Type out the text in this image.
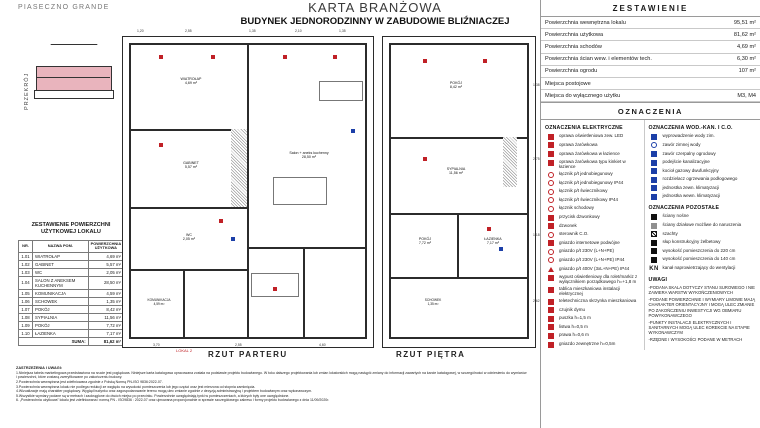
PIASECZNO GRANDE	KARTA BRANŻOWA
BUDYNEK JEDNORODZINNY W ZABUDOWIE BLIŹNIACZEJ
PRZEKRÓJ
ZESTAWIENIE POWIERZCHNI UŻYTKOWEJ LOKALU
NR.	NAZWA POM.	POWIERZCHNIA UŻYTKOWA
1.01	WIATROŁAP	4,69 m²
1.02	GABINET	5,57 m²
1.03	WC	2,05 m²
1.04	SALON Z ANEKSEM KUCHENNYM	28,50 m²
1.05	KOMUNIKACJA	4,59 m²
1.06	SCHOWEK	1,35 m²
1.07	POKÓJ	8,42 m²
1.08	SYPIALNIA	11,56 m²
1.09	POKÓJ	7,72 m²
1.10	ŁAZIENKA	7,17 m²
SUMA:		81,62 m²
WIATROŁAP
4,69 m²
GABINET
5,57 m²
WC
2,05 m²
Salon + aneks kuchenny
28,50 m²
KOMUNIKACJA
4,59 m²
1,20	2,55	1,35	2,10	1,35
3,70	2,55	4,60
LOKAL 2
POKÓJ
8,42 m²
SYPIALNIA
11,56 m²
POKÓJ
7,72 m²
ŁAZIENKA
7,17 m²
SCHOWEK
1,35 m²
1,38
2,75
1,18
2,62
RZUT PARTERU	RZUT PIĘTRA
ZASTRZEŻENIA I UWAGI:
1.Niniejsza tabela marketingowa przedstawiona na rzucie jest poglądowa. Niniejsze karta katalogowa opracowana została na podstawie projektu budowlanego. W toku dalszego projektowania lub zmian lokatorskich mogą nastąpić zmiany do informacji zawartych na karcie katalogowej, w szczególności w odniesieniu do wymiarów i powierzchni, które zostaną zweryfikowane po zakończeniu budowy.
2.Powierzchnia wewnętrzna jest zdefiniowana zgodnie z Polską Normą PN-ISO 9836:2022-07.
3.Powierzchnia wewnętrzna lokalu nie podlega redukcji ze względu na wysokość pomieszczenia lub jego części oraz jest mierzona od stopnia zamknięcia.
4.Wizualizacje mają charakter poglądowy. Wygląd budynku oraz zagospodarowanie terenu mogą ulec zmianie zgodnie z decyzją administracyjną i projektem budowlanym oraz wykonawczym.
5.Wszystkie wymiary podane są w metrach i zaokrąglone do dwóch miejsc po przecinku. Powierzchnie uwzględniają tynki w pomieszczeniach, a których były one uwzględnione.
6. „Powierzchnia użytkowa” lokalu jest zdefiniowana i normą PN - ISO9836 : 2022-07 oraz ujmowana proporcjonalnie w sprawie szczegółowego zakresu i formy projektu budowlanego z dnia 11/09/2020r.
ZESTAWIENIE
Powierzchnia wewnętrzna lokalu	95,51 m²
Powierzchnia użytkowa	81,62 m²
Powierzchnia schodów	4,69 m²
Powierzchnia ścian wew. i elementów tech.	6,30 m²
Powierzchnia ogrodu	107 m²
Miejsca postojowe	
Miejsca do wyłącznego użytku	M3, M4
OZNACZENIA
OZNACZENIA ELEKTRYCZNE
oprawa oświetleniowa zew. LED
oprawa żarówkowa
oprawa żarówkowa w łazience
oprawa żarówkowa typu kinkiet w łazience
łącznik p/t jednobiegunowy
łącznik p/t jednobiegunowy IP44
łącznik p/t świecznikowy
łącznik p/t świecznikowy IP44
łącznik schodowy
przycisk dzwonkowy
dzwonek
sterownik C.O.
gniazdo internetowe podwójne
gniazdo p/t 230V (L+N+PE)
gniazdo p/t 230V (L+N+PE) IP44
gniazdo p/t 400V (3xL+N+PE) IP44
wypust oświetleniowy dla rolet/markiz z wyłącznikiem porządkowego h=+1,8 m
tablica mieszkaniowa instalacji elektrycznej
teletechniczna skrzynka mieszkaniowa
czujnik dymu
puszka h=1,5 m
listwa h=0,5 m
prawa h=0,6 m
gniazdo zewnętrzne h=0,5m
OZNACZENIA WOD.-KAN. I C.O.
wyprowadzenie wody zim.
zawór zimnej wody
zawór czerpalny ogrodowy
podejście kanalizacyjne
kocioł gazowy dwufunkcyjny
rozdzielacz ogrzewania podłogowego
jednostka zewn. klimatyzacji
jednostka wewn. klimatyzacji
OZNACZENIA POZOSTAŁE
ściany nośne
ściany działowe możliwe do naruszenia
szachty
słup konstrukcyjny żelbetowy
wysokość pomieszczenia do 220 cm
wysokość pomieszczenia do 140 cm
KN kanał naprowietrzający do wentylacji
UWAGI
-PODANA SKALA DOTYCZY STANU SUROWEGO I NIE ZAWIERA WARSTW WYKOŃCZENIOWYCH
-PODANE POWIERZCHNIE I WYMIARY LIMOWE MAJĄ CHARAKTER ORIENTACYJNY I MOGĄ ULEC ZMIANIE PO ZAKOŃCZENIU INWESTYCJI WG OBMIARU POWYKONAWCZEGO
-PUNKTY INSTALACJI ELEKTRYCZNYCH I SANITARNYCH MOGĄ ULEC KOREKCIE NA ETAPIE WYKONAWCZYM
-RZĘDNE I WYSOKOŚCI PODANE W METRACH
